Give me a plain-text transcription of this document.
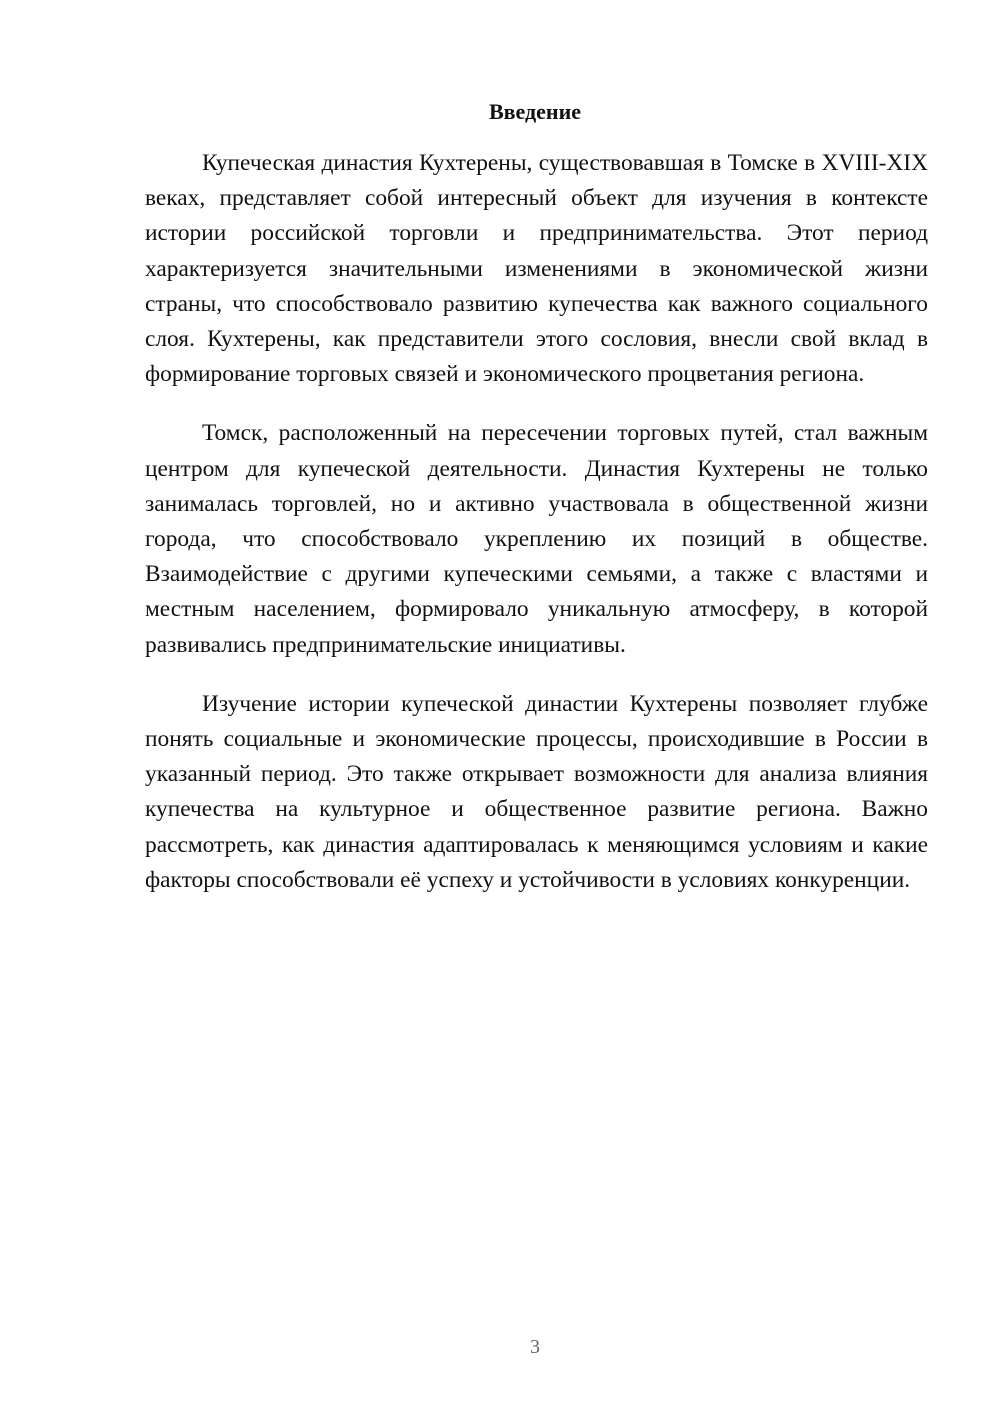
Введение

Купеческая династия Кухтерены, существовавшая в Томске в XVIII-XIX веках, представляет собой интересный объект для изучения в контексте истории российской торговли и предпринимательства. Этот период характеризуется значительными изменениями в экономической жизни страны, что способствовало развитию купечества как важного социального слоя. Кухтерены, как представители этого сословия, внесли свой вклад в формирование торговых связей и экономического процветания региона.

Томск, расположенный на пересечении торговых путей, стал важным центром для купеческой деятельности. Династия Кухтерены не только занималась торговлей, но и активно участвовала в общественной жизни города, что способствовало укреплению их позиций в обществе. Взаимодействие с другими купеческими семьями, а также с властями и местным населением, формировало уникальную атмосферу, в которой развивались предпринимательские инициативы.

Изучение истории купеческой династии Кухтерены позволяет глубже понять социальные и экономические процессы, происходившие в России в указанный период. Это также открывает возможности для анализа влияния купечества на культурное и общественное развитие региона. Важно рассмотреть, как династия адаптировалась к меняющимся условиям и какие факторы способствовали её успеху и устойчивости в условиях конкуренции.

3
